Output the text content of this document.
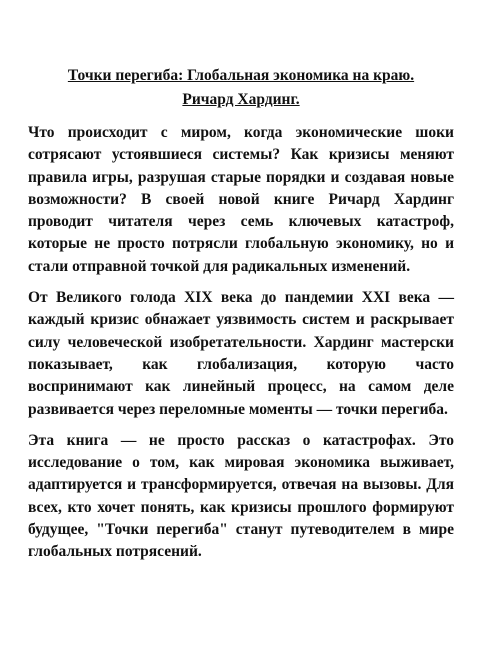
Точки перегиба: Глобальная экономика на краю.
Ричард Хардинг.

Что происходит с миром, когда экономические шоки сотрясают устоявшиеся системы? Как кризисы меняют правила игры, разрушая старые порядки и создавая новые возможности? В своей новой книге Ричард Хардинг проводит читателя через семь ключевых катастроф, которые не просто потрясли глобальную экономику, но и стали отправной точкой для радикальных изменений.

От Великого голода XIX века до пандемии XXI века — каждый кризис обнажает уязвимость систем и раскрывает силу человеческой изобретательности. Хардинг мастерски показывает, как глобализация, которую часто воспринимают как линейный процесс, на самом деле развивается через переломные моменты — точки перегиба.

Эта книга — не просто рассказ о катастрофах. Это исследование о том, как мировая экономика выживает, адаптируется и трансформируется, отвечая на вызовы. Для всех, кто хочет понять, как кризисы прошлого формируют будущее, "Точки перегиба" станут путеводителем в мире глобальных потрясений.
